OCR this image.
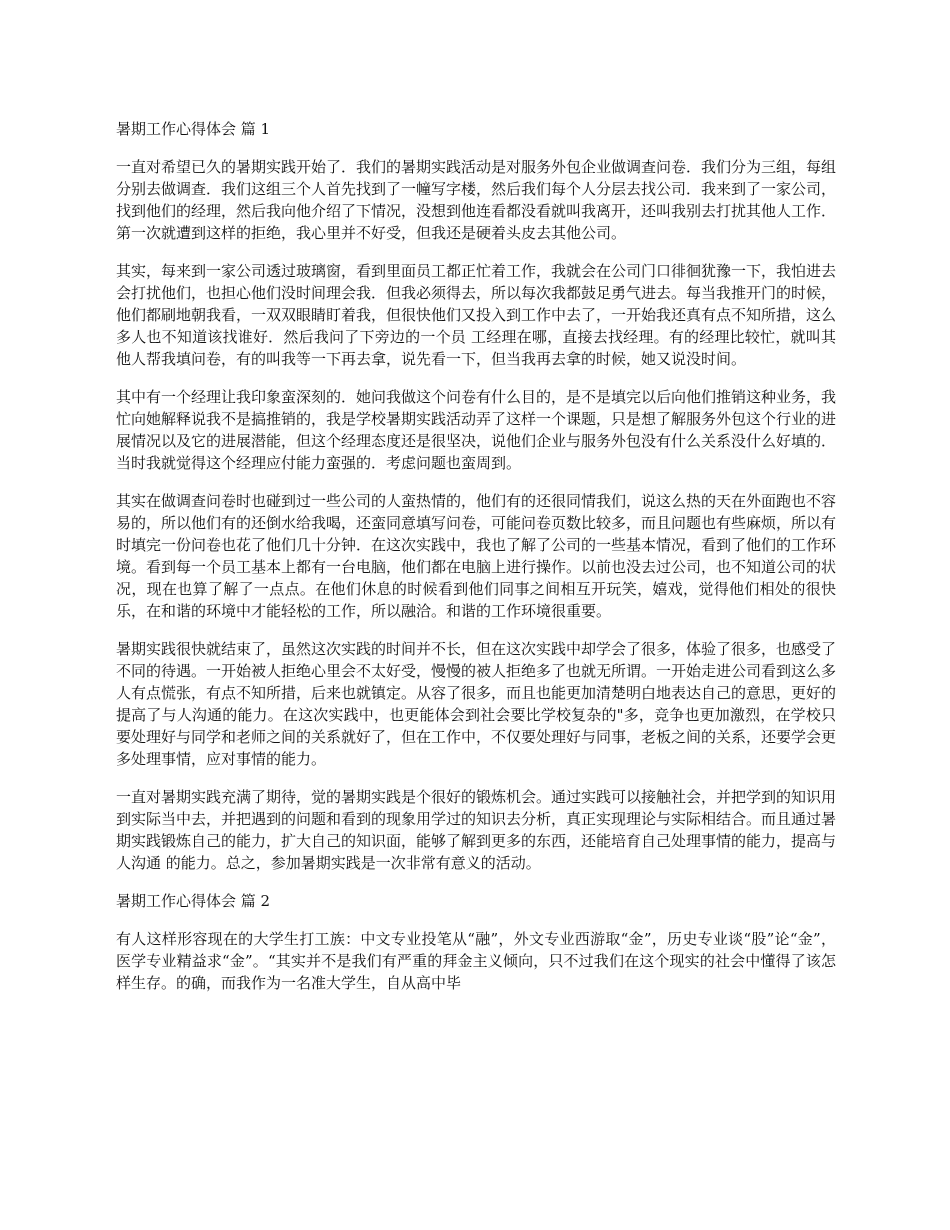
暑期工作心得体会 篇 1

一直对希望已久的暑期实践开始了．我们的暑期实践活动是对服务外包企业做调查问卷．我们分为三组，每组分别去做调查．我们这组三个人首先找到了一幢写字楼，然后我们每个人分层去找公司．我来到了一家公司，找到他们的经理，然后我向他介绍了下情况，没想到他连看都没看就叫我离开，还叫我别去打扰其他人工作．第一次就遭到这样的拒绝，我心里并不好受，但我还是硬着头皮去其他公司。

其实，每来到一家公司透过玻璃窗，看到里面员工都正忙着工作，我就会在公司门口徘徊犹豫一下，我怕进去会打扰他们，也担心他们没时间理会我．但我必须得去，所以每次我都鼓足勇气进去。每当我推开门的时候，他们都刷地朝我看，一双双眼睛盯着我，但很快他们又投入到工作中去了，一开始我还真有点不知所措，这么多人也不知道该找谁好．然后我问了下旁边的一个员 工经理在哪，直接去找经理。有的经理比较忙，就叫其他人帮我填问卷，有的叫我等一下再去拿，说先看一下，但当我再去拿的时候，她又说没时间。

其中有一个经理让我印象蛮深刻的．她问我做这个问卷有什么目的，是不是填完以后向他们推销这种业务，我忙向她解释说我不是搞推销的，我是学校暑期实践活动弄了这样一个课题，只是想了解服务外包这个行业的进展情况以及它的进展潜能，但这个经理态度还是很坚决，说他们企业与服务外包没有什么关系没什么好填的．当时我就觉得这个经理应付能力蛮强的．考虑问题也蛮周到。

其实在做调查问卷时也碰到过一些公司的人蛮热情的，他们有的还很同情我们，说这么热的天在外面跑也不容易的，所以他们有的还倒水给我喝，还蛮同意填写问卷，可能问卷页数比较多，而且问题也有些麻烦，所以有时填完一份问卷也花了他们几十分钟．在这次实践中，我也了解了公司的一些基本情况，看到了他们的工作环境。看到每一个员工基本上都有一台电脑，他们都在电脑上进行操作。以前也没去过公司，也不知道公司的状况，现在也算了解了一点点。在他们休息的时候看到他们同事之间相互开玩笑，嬉戏，觉得他们相处的很快乐，在和谐的环境中才能轻松的工作，所以融洽。和谐的工作环境很重要。

暑期实践很快就结束了，虽然这次实践的时间并不长，但在这次实践中却学会了很多，体验了很多，也感受了不同的待遇。一开始被人拒绝心里会不太好受，慢慢的被人拒绝多了也就无所谓。一开始走进公司看到这么多人有点慌张，有点不知所措，后来也就镇定。从容了很多，而且也能更加清楚明白地表达自己的意思，更好的提高了与人沟通的能力。在这次实践中，也更能体会到社会要比学校复杂的"多，竞争也更加激烈，在学校只要处理好与同学和老师之间的关系就好了，但在工作中，不仅要处理好与同事，老板之间的关系，还要学会更多处理事情，应对事情的能力。

一直对暑期实践充满了期待，觉的暑期实践是个很好的锻炼机会。通过实践可以接触社会，并把学到的知识用到实际当中去，并把遇到的问题和看到的现象用学过的知识去分析，真正实现理论与实际相结合。而且通过暑期实践锻炼自己的能力，扩大自己的知识面，能够了解到更多的东西，还能培育自己处理事情的能力，提高与人沟通 的能力。总之，参加暑期实践是一次非常有意义的活动。

暑期工作心得体会 篇 2

有人这样形容现在的大学生打工族：中文专业投笔从“融”，外文专业西游取“金”，历史专业谈“股”论“金”，医学专业精益求“金”。“其实并不是我们有严重的拜金主义倾向，只不过我们在这个现实的社会中懂得了该怎样生存。的确，而我作为一名准大学生，自从高中毕
